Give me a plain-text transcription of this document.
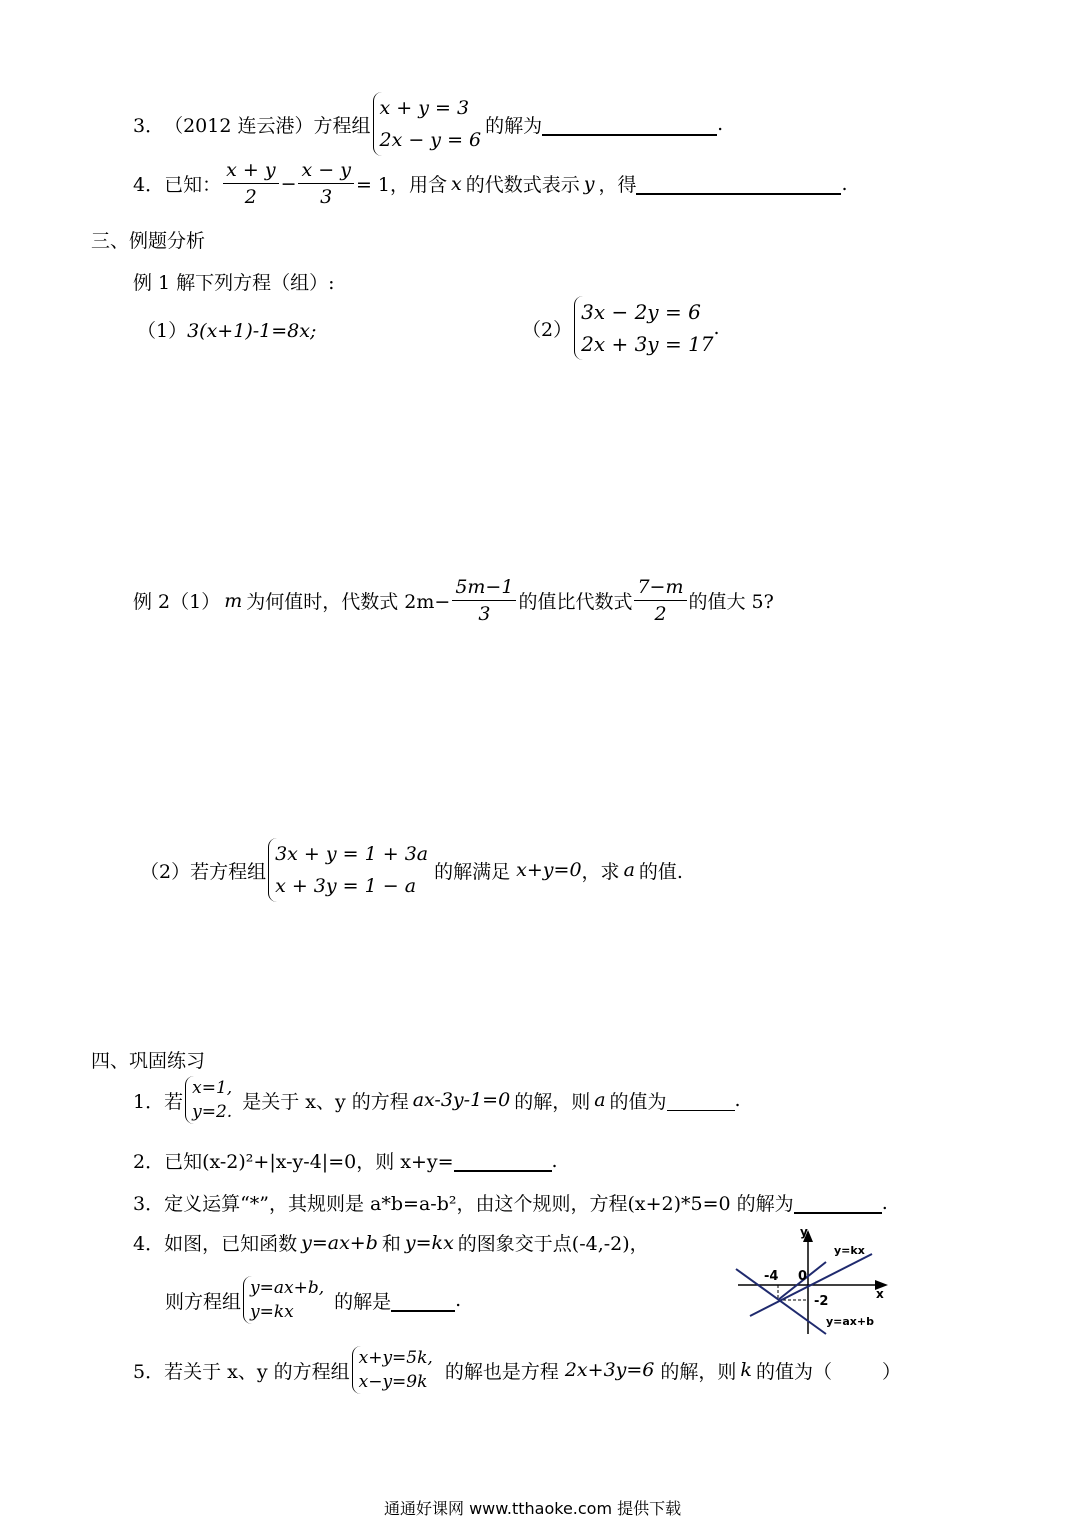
3． （2012 连云港）方程组
x + y = 3
2x − y = 6
的解为	.
4． 已知： $\frac{x + y}{2} - \frac{x - y}{3} = 1$，用含 x 的代数式表示 y ，得	.
三、例题分析
例 1 解下列方程（组）:
（1）3(x+1)-1=8x;	（2）
3x − 2y = 6
2x + 3y = 17
.
例 2（1） m 为何值时，代数式 $2m- \frac{5m-1}{3}$ 的值比代数式 $\frac{7-m}{2}$ 的值大 5?
（2）若方程组
3x + y = 1 + 3a
x + 3y = 1 − a
的解满足 x+y=0 ，求 a 的值.
四、巩固练习
1． 若
x=1,
y=2. 是关于 x、y 的方程 ax-3y-1=0 的解，则 a 的值为	.
2． 已知(x-2)²+|x-y-4|=0，则 x+y=	.
3． 定义运算“*”，其规则是 a*b=a-b²，由这个规则，方程(x+2)*5=0 的解为	.
4． 如图，已知函数 y=ax+b 和 y=kx 的图象交于点(-4,-2)，
则方程组
y=ax+b,
y=kx	的解是	.
y
x
0
-4
-2
y=kx
y=ax+b
5． 若关于 x、y 的方程组
x+y=5k,
x−y=9k 的解也是方程 2x+3y=6 的解，则 k 的值为（	）
通通好课网 www.tthaoke.com 提供下载
